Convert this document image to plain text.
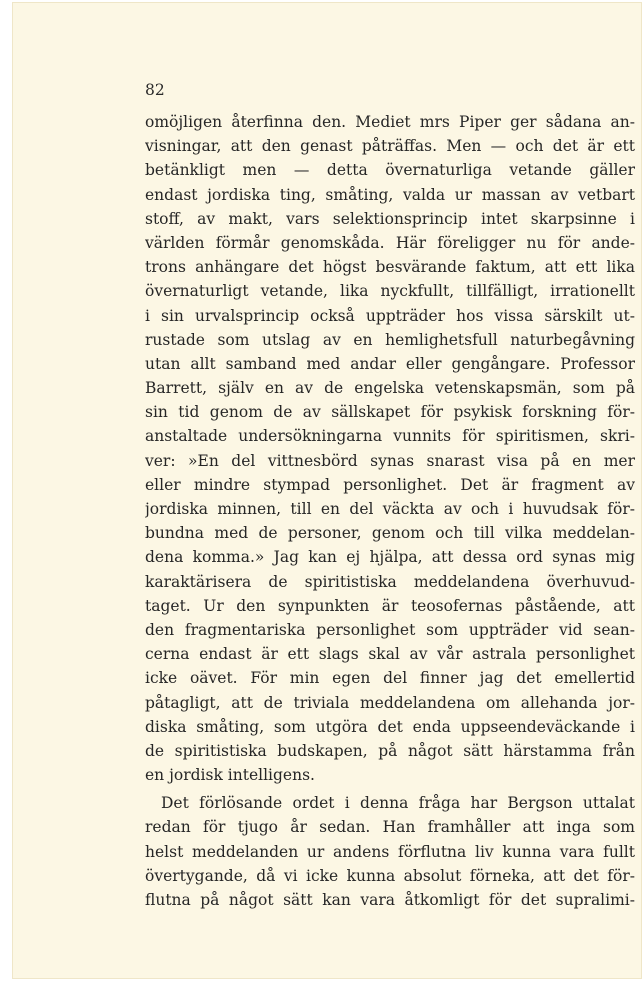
82
omöjligen återfinna den. Mediet mrs Piper ger sådana an-
visningar, att den genast påträffas. Men — och det är ett
betänkligt men — detta övernaturliga vetande gäller
endast jordiska ting, småting, valda ur massan av vetbart
stoff, av makt, vars selektionsprincip intet skarpsinne i
världen förmår genomskåda. Här föreligger nu för ande-
trons anhängare det högst besvärande faktum, att ett lika
övernaturligt vetande, lika nyckfullt, tillfälligt, irrationellt
i sin urvalsprincip också uppträder hos vissa särskilt ut-
rustade som utslag av en hemlighetsfull naturbegåvning
utan allt samband med andar eller gengångare. Professor
Barrett, själv en av de engelska vetenskapsmän, som på
sin tid genom de av sällskapet för psykisk forskning för-
anstaltade undersökningarna vunnits för spiritismen, skri-
ver: »En del vittnesbörd synas snarast visa på en mer
eller mindre stympad personlighet. Det är fragment av
jordiska minnen, till en del väckta av och i huvudsak för-
bundna med de personer, genom och till vilka meddelan-
dena komma.» Jag kan ej hjälpa, att dessa ord synas mig
karaktärisera de spiritistiska meddelandena överhuvud-
taget. Ur den synpunkten är teosofernas påstående, att
den fragmentariska personlighet som uppträder vid sean-
cerna endast är ett slags skal av vår astrala personlighet
icke oävet. För min egen del finner jag det emellertid
påtagligt, att de triviala meddelandena om allehanda jor-
diska småting, som utgöra det enda uppseendeväckande i
de spiritistiska budskapen, på något sätt härstamma från
en jordisk intelligens.
Det förlösande ordet i denna fråga har Bergson uttalat
redan för tjugo år sedan. Han framhåller att inga som
helst meddelanden ur andens förflutna liv kunna vara fullt
övertygande, då vi icke kunna absolut förneka, att det för-
flutna på något sätt kan vara åtkomligt för det supralimi-
